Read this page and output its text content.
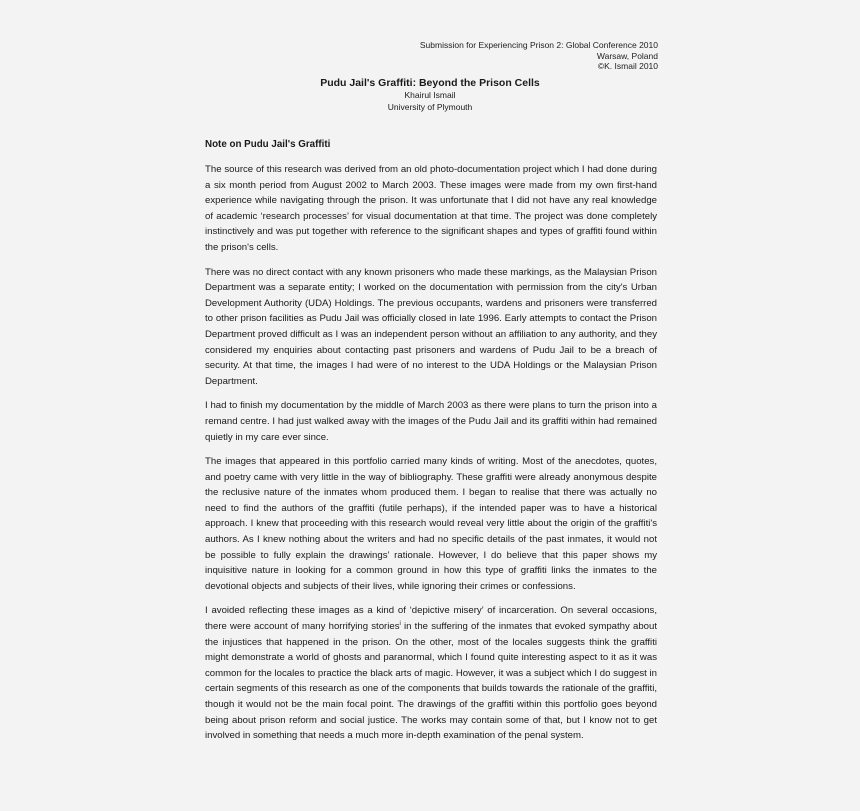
Submission for Experiencing Prison 2: Global Conference 2010
Warsaw, Poland
©K. Ismail 2010
Pudu Jail's Graffiti: Beyond the Prison Cells
Khairul Ismail
University of Plymouth
Note on Pudu Jail's Graffiti

The source of this research was derived from an old photo-documentation project which I had done during a six month period from August 2002 to March 2003. These images were made from my own first-hand experience while navigating through the prison. It was unfortunate that I did not have any real knowledge of academic ‘research processes’ for visual documentation at that time. The project was done completely instinctively and was put together with reference to the significant shapes and types of graffiti found within the prison's cells.

There was no direct contact with any known prisoners who made these markings, as the Malaysian Prison Department was a separate entity; I worked on the documentation with permission from the city's Urban Development Authority (UDA) Holdings. The previous occupants, wardens and prisoners were transferred to other prison facilities as Pudu Jail was officially closed in late 1996. Early attempts to contact the Prison Department proved difficult as I was an independent person without an affiliation to any authority, and they considered my enquiries about contacting past prisoners and wardens of Pudu Jail to be a breach of security. At that time, the images I had were of no interest to the UDA Holdings or the Malaysian Prison Department.

I had to finish my documentation by the middle of March 2003 as there were plans to turn the prison into a remand centre. I had just walked away with the images of the Pudu Jail and its graffiti within had remained quietly in my care ever since.

The images that appeared in this portfolio carried many kinds of writing. Most of the anecdotes, quotes, and poetry came with very little in the way of bibliography. These graffiti were already anonymous despite the reclusive nature of the inmates whom produced them. I began to realise that there was actually no need to find the authors of the graffiti (futile perhaps), if the intended paper was to have a historical approach. I knew that proceeding with this research would reveal very little about the origin of the graffiti's authors. As I knew nothing about the writers and had no specific details of the past inmates, it would not be possible to fully explain the drawings’ rationale. However, I do believe that this paper shows my inquisitive nature in looking for a common ground in how this type of graffiti links the inmates to the devotional objects and subjects of their lives, while ignoring their crimes or confessions.

I avoided reflecting these images as a kind of ‘depictive misery’ of incarceration. On several occasions, there were account of many horrifying stories$^i$ in the suffering of the inmates that evoked sympathy about the injustices that happened in the prison. On the other, most of the locales suggests think the graffiti might demonstrate a world of ghosts and paranormal, which I found quite interesting aspect to it as it was common for the locales to practice the black arts of magic. However, it was a subject which I do suggest in certain segments of this research as one of the components that builds towards the rationale of the graffiti, though it would not be the main focal point. The drawings of the graffiti within this portfolio goes beyond being about prison reform and social justice. The works may contain some of that, but I know not to get involved in something that needs a much more in-depth examination of the penal system.
